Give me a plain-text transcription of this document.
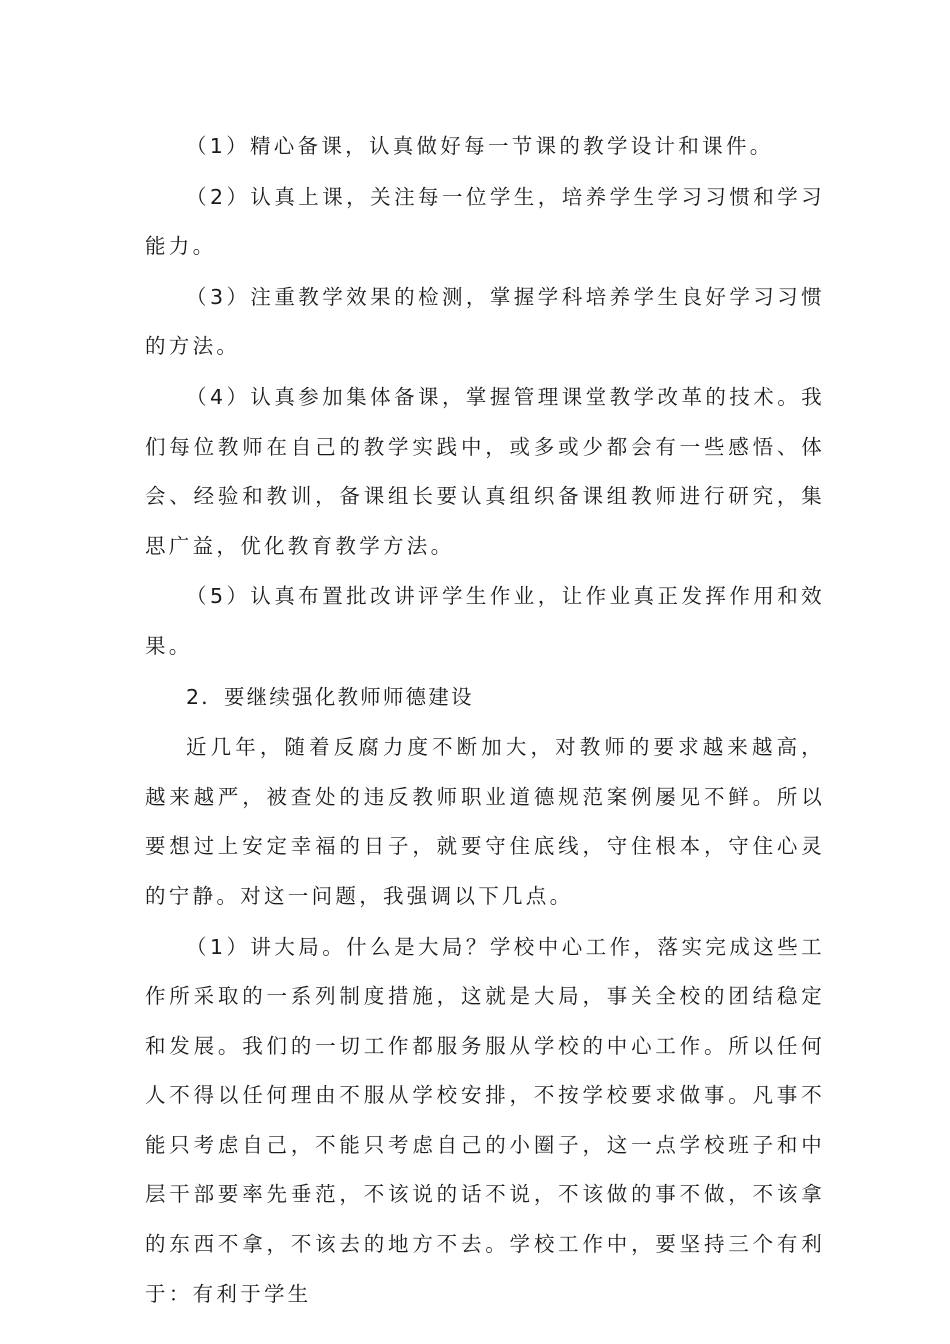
（1）精心备课，认真做好每一节课的教学设计和课件。

（2）认真上课，关注每一位学生，培养学生学习习惯和学习能力。

（3）注重教学效果的检测，掌握学科培养学生良好学习习惯的方法。

（4）认真参加集体备课，掌握管理课堂教学改革的技术。我们每位教师在自己的教学实践中，或多或少都会有一些感悟、体会、经验和教训，备课组长要认真组织备课组教师进行研究，集思广益，优化教育教学方法。

（5）认真布置批改讲评学生作业，让作业真正发挥作用和效果。

2．要继续强化教师师德建设

近几年，随着反腐力度不断加大，对教师的要求越来越高，越来越严，被查处的违反教师职业道德规范案例屡见不鲜。所以要想过上安定幸福的日子，就要守住底线，守住根本，守住心灵的宁静。对这一问题，我强调以下几点。

（1）讲大局。什么是大局？学校中心工作，落实完成这些工作所采取的一系列制度措施，这就是大局，事关全校的团结稳定和发展。我们的一切工作都服务服从学校的中心工作。所以任何人不得以任何理由不服从学校安排，不按学校要求做事。凡事不能只考虑自己，不能只考虑自己的小圈子，这一点学校班子和中层干部要率先垂范，不该说的话不说，不该做的事不做，不该拿的东西不拿，不该去的地方不去。学校工作中，要坚持三个有利于：有利于学生
